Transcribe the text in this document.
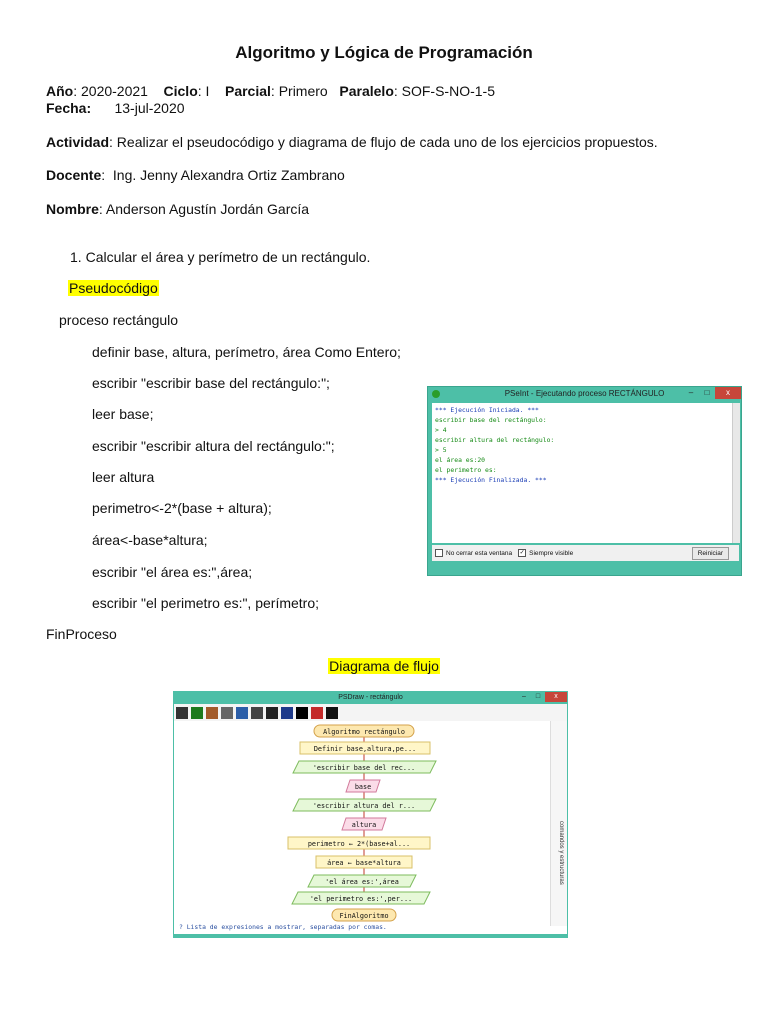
Algoritmo y Lógica de Programación
Año: 2020-2021 Ciclo: I Parcial: Primero Paralelo: SOF-S-NO-1-5
Fecha: 13-jul-2020
Actividad: Realizar el pseudocódigo y diagrama de flujo de cada uno de los ejercicios propuestos.
Docente:  Ing. Jenny Alexandra Ortiz Zambrano
Nombre: Anderson Agustín Jordán García
1. Calcular el área y perímetro de un rectángulo.
Pseudocódigo
proceso rectángulo
definir base, altura, perímetro, área Como Entero;
escribir "escribir base del rectángulo:";
leer base;
escribir "escribir altura del rectángulo:";
leer altura
perimetro<-2*(base + altura);
área<-base*altura;
escribir "el área es:",área;
escribir "el perimetro es:", perímetro;
FinProceso
PSeInt - Ejecutando proceso RECTÁNGULO	–	□	x
*** Ejecución Iniciada. ***
escribir base del rectángulo:
> 4
escribir altura del rectángulo:
> 5
el área es:20
el perimetro es:
*** Ejecución Finalizada. ***
No cerrar esta ventana ✓ Siempre visible	Reiniciar
Diagrama de flujo
PSDraw - rectángulo	–	□	x
comandos y estructuras
Algoritmo rectángulo
Definir base,altura,pe...
'escribir base del rec...
base
'escribir altura del r...
altura
perimetro ← 2*(base+al...
área ← base*altura
'el área es:',área
'el perimetro es:',per...
FinAlgoritmo
? Lista de expresiones a mostrar, separadas por comas.
